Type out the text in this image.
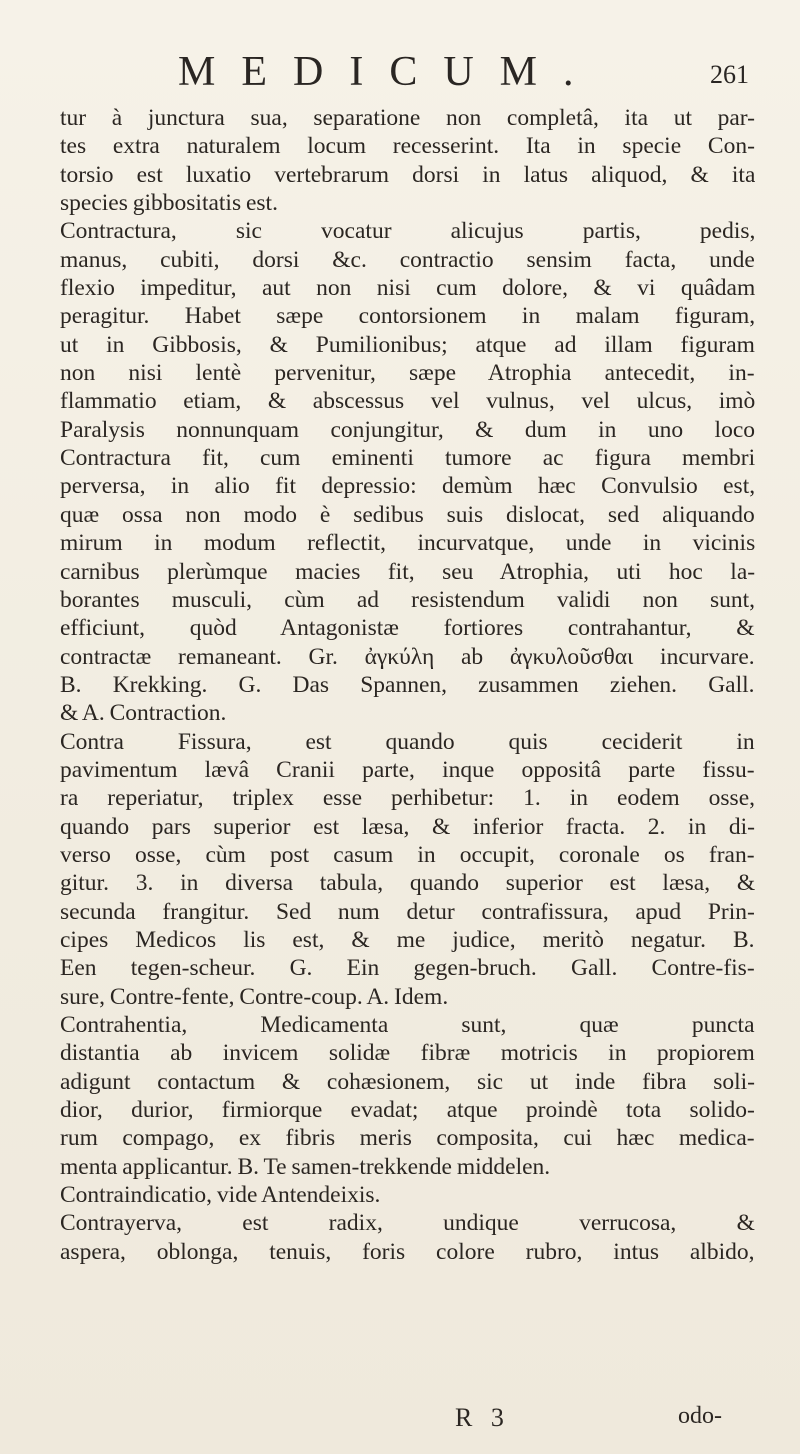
MEDICUM.	261
tur à junctura sua, separatione non completâ, ita ut par-
tes extra naturalem locum recesserint. Ita in specie Con-
torsio est luxatio vertebrarum dorsi in latus aliquod, & ita
species gibbositatis est.
Contractura, sic vocatur alicujus partis, pedis,
manus, cubiti, dorsi &c. contractio sensim facta, unde
flexio impeditur, aut non nisi cum dolore, & vi quâdam
peragitur. Habet sæpe contorsionem in malam figuram,
ut in Gibbosis, & Pumilionibus; atque ad illam figuram
non nisi lentè pervenitur, sæpe Atrophia antecedit, in-
flammatio etiam, & abscessus vel vulnus, vel ulcus, imò
Paralysis nonnunquam conjungitur, & dum in uno loco
Contractura fit, cum eminenti tumore ac figura membri
perversa, in alio fit depressio: demùm hæc Convulsio est,
quæ ossa non modo è sedibus suis dislocat, sed aliquando
mirum in modum reflectit, incurvatque, unde in vicinis
carnibus plerùmque macies fit, seu Atrophia, uti hoc la-
borantes musculi, cùm ad resistendum validi non sunt,
efficiunt, quòd Antagonistæ fortiores contrahantur, &
contractæ remaneant. Gr. ἀγκύλη ab ἀγκυλοῦσθαι incurvare.
B. Krekking. G. Das Spannen, zusammen ziehen. Gall.
& A. Contraction.
Contra Fissura, est quando quis ceciderit in
pavimentum lævâ Cranii parte, inque oppositâ parte fissu-
ra reperiatur, triplex esse perhibetur: 1. in eodem osse,
quando pars superior est læsa, & inferior fracta. 2. in di-
verso osse, cùm post casum in occupit, coronale os fran-
gitur. 3. in diversa tabula, quando superior est læsa, &
secunda frangitur. Sed num detur contrafissura, apud Prin-
cipes Medicos lis est, & me judice, meritò negatur. B.
Een tegen-scheur. G. Ein gegen-bruch. Gall. Contre-fis-
sure, Contre-fente, Contre-coup. A. Idem.
Contrahentia, Medicamenta sunt, quæ puncta
distantia ab invicem solidæ fibræ motricis in propiorem
adigunt contactum & cohæsionem, sic ut inde fibra soli-
dior, durior, firmiorque evadat; atque proindè tota solido-
rum compago, ex fibris meris composita, cui hæc medica-
menta applicantur. B. Te samen-trekkende middelen.
Contraindicatio, vide Antendeixis.
Contrayerva, est radix, undique verrucosa, &
aspera, oblonga, tenuis, foris colore rubro, intus albido,
R 3	odo-
